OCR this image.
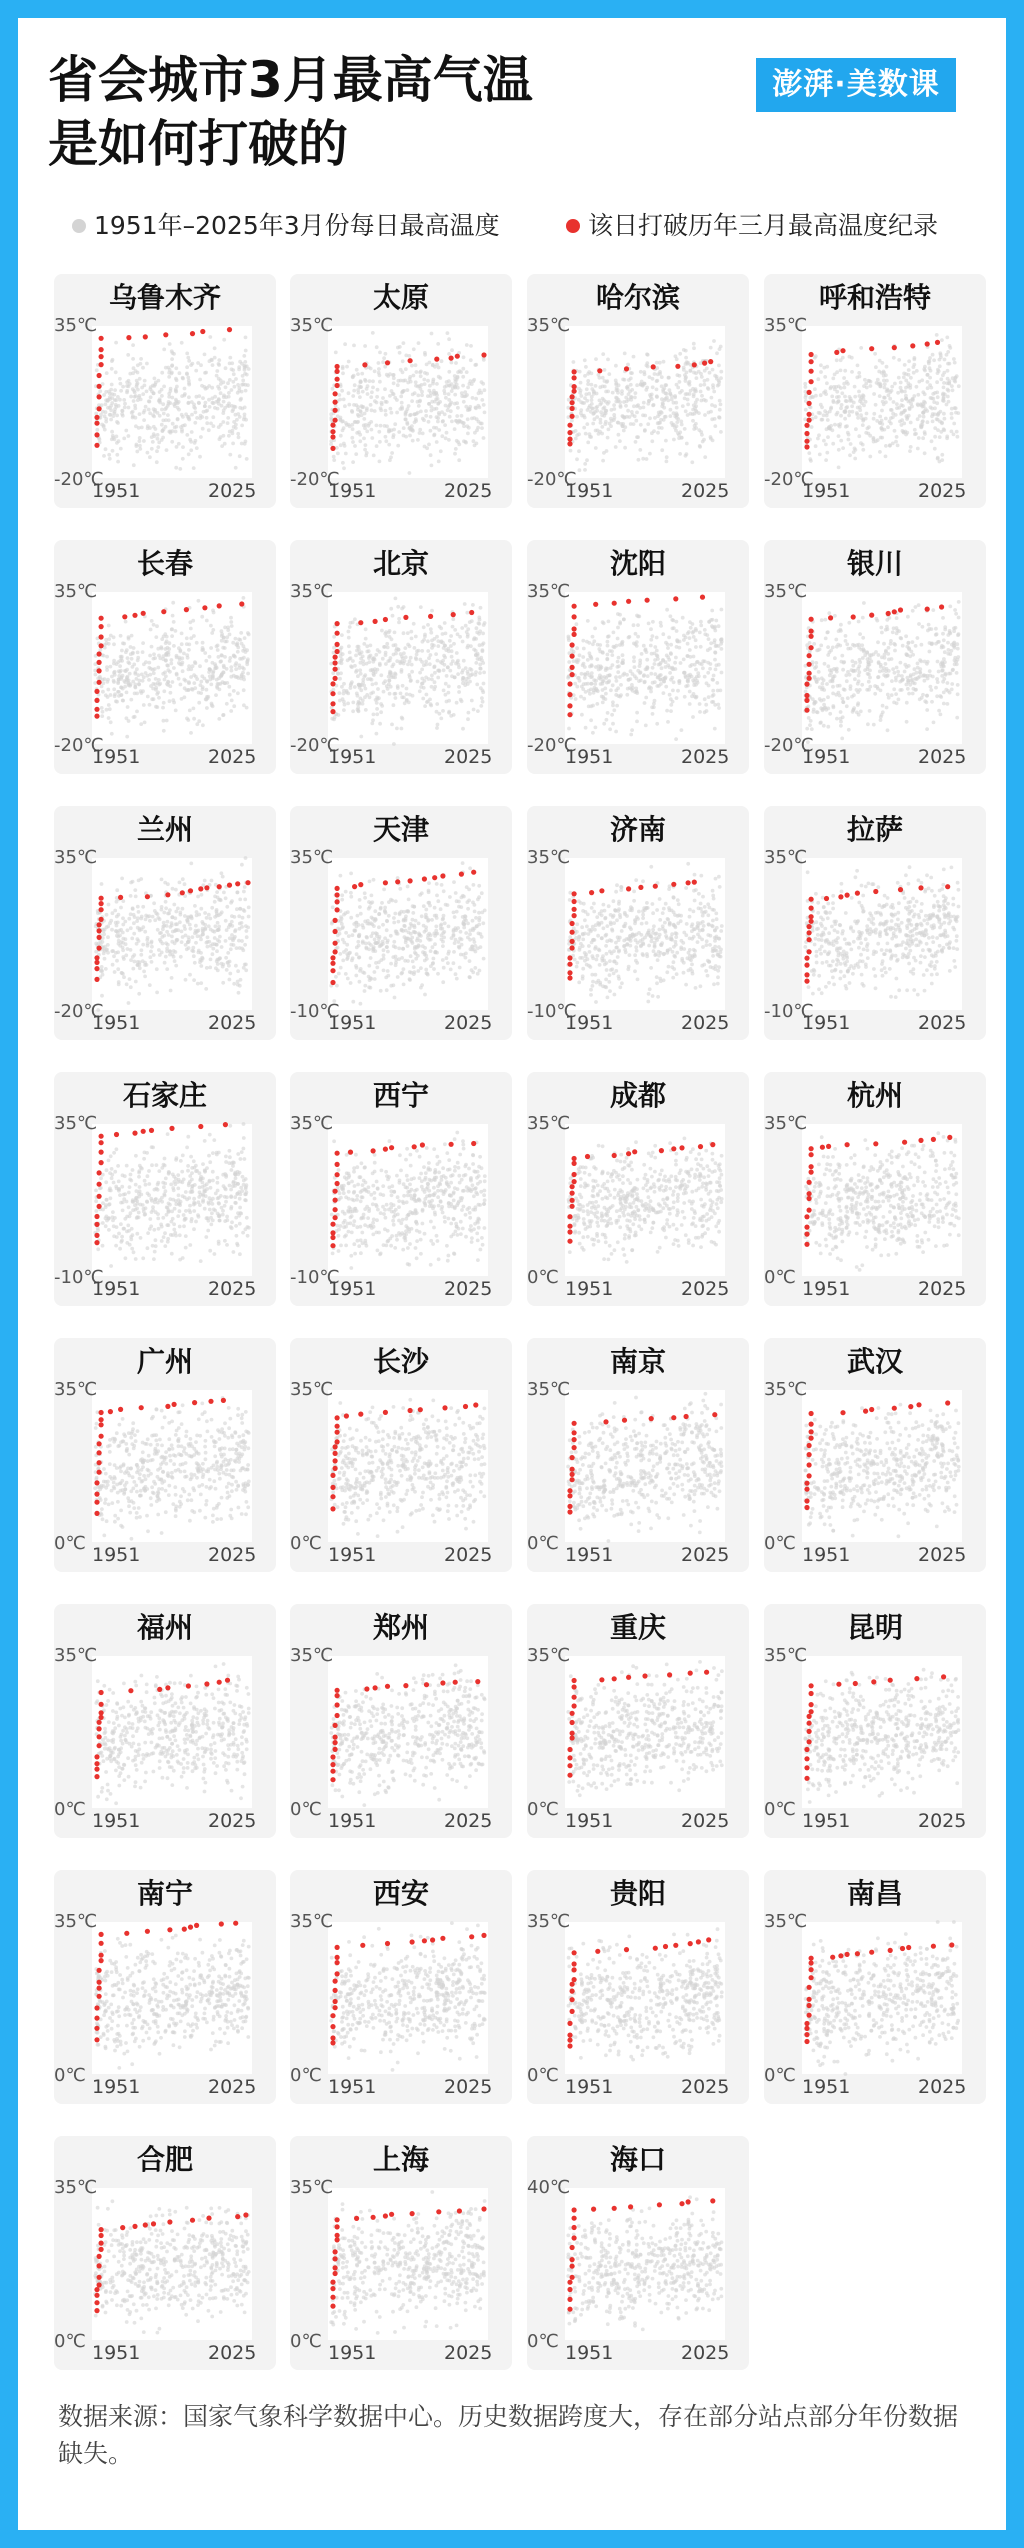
省会城市3月最高气温
是如何打破的
澎湃·美数课
1951年–2025年3月份每日最高温度	该日打破历年三月最高温度纪录
乌鲁木齐
35℃
-20℃
1951	2025
太原
35℃
-20℃
1951	2025
哈尔滨
35℃
-20℃
1951	2025
呼和浩特
35℃
-20℃
1951	2025
长春
35℃
-20℃
1951	2025
北京
35℃
-20℃
1951	2025
沈阳
35℃
-20℃
1951	2025
银川
35℃
-20℃
1951	2025
兰州
35℃
-20℃
1951	2025
天津
35℃
-10℃
1951	2025
济南
35℃
-10℃
1951	2025
拉萨
35℃
-10℃
1951	2025
石家庄
35℃
-10℃
1951	2025
西宁
35℃
-10℃
1951	2025
成都
35℃
0℃
1951	2025
杭州
35℃
0℃
1951	2025
广州
35℃
0℃
1951	2025
长沙
35℃
0℃
1951	2025
南京
35℃
0℃
1951	2025
武汉
35℃
0℃
1951	2025
福州
35℃
0℃
1951	2025
郑州
35℃
0℃
1951	2025
重庆
35℃
0℃
1951	2025
昆明
35℃
0℃
1951	2025
南宁
35℃
0℃
1951	2025
西安
35℃
0℃
1951	2025
贵阳
35℃
0℃
1951	2025
南昌
35℃
0℃
1951	2025
合肥
35℃
0℃
1951	2025
上海
35℃
0℃
1951	2025
海口
40℃
0℃
1951	2025
数据来源：国家气象科学数据中心。历史数据跨度大，存在部分站点部分年份数据缺失。
